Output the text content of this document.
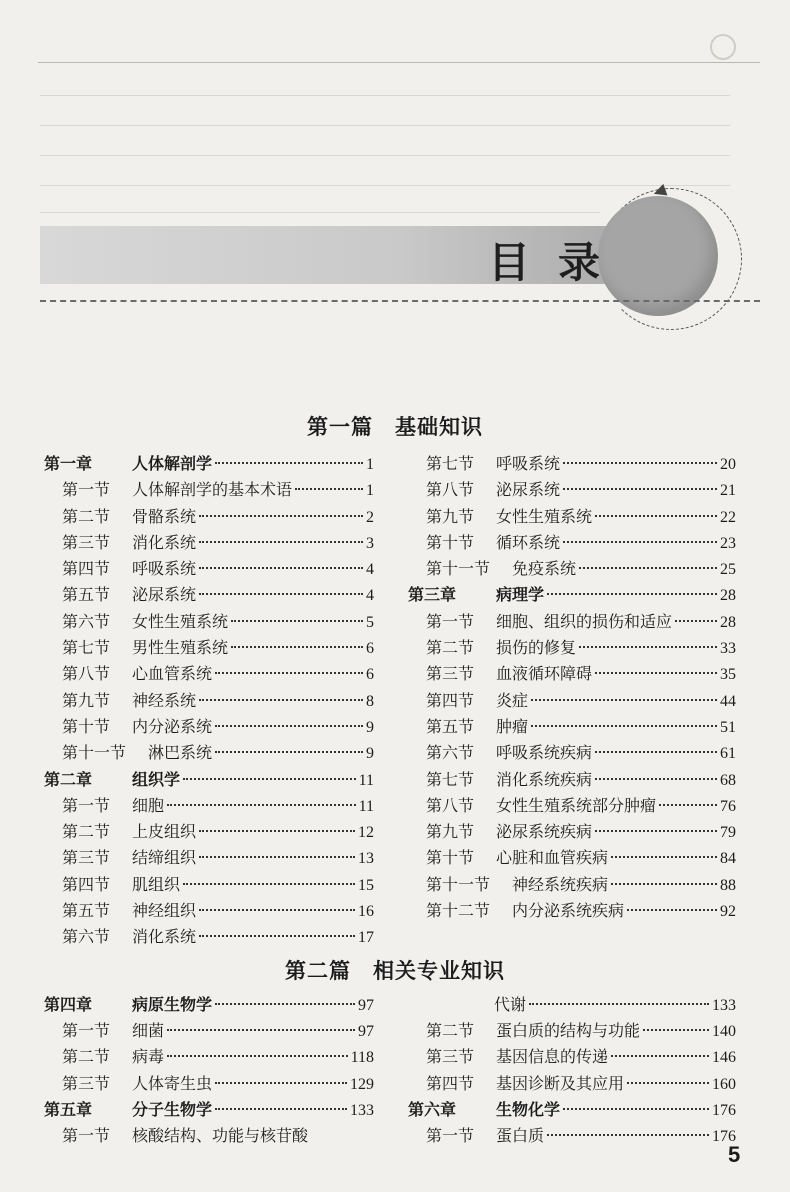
◀
目录
第一篇　基础知识
第一章	人体解剖学	1
第一节	人体解剖学的基本术语	1
第二节	骨骼系统	2
第三节	消化系统	3
第四节	呼吸系统	4
第五节	泌尿系统	4
第六节	女性生殖系统	5
第七节	男性生殖系统	6
第八节	心血管系统	6
第九节	神经系统	8
第十节	内分泌系统	9
第十一节	淋巴系统	9
第二章	组织学	11
第一节	细胞	11
第二节	上皮组织	12
第三节	结缔组织	13
第四节	肌组织	15
第五节	神经组织	16
第六节	消化系统	17
第七节	呼吸系统	20
第八节	泌尿系统	21
第九节	女性生殖系统	22
第十节	循环系统	23
第十一节	免疫系统	25
第三章	病理学	28
第一节	细胞、组织的损伤和适应	28
第二节	损伤的修复	33
第三节	血液循环障碍	35
第四节	炎症	44
第五节	肿瘤	51
第六节	呼吸系统疾病	61
第七节	消化系统疾病	68
第八节	女性生殖系统部分肿瘤	76
第九节	泌尿系统疾病	79
第十节	心脏和血管疾病	84
第十一节	神经系统疾病	88
第十二节	内分泌系统疾病	92
第二篇　相关专业知识
第四章	病原生物学	97
第一节	细菌	97
第二节	病毒	118
第三节	人体寄生虫	129
第五章	分子生物学	133
第一节	核酸结构、功能与核苷酸
代谢	133
第二节	蛋白质的结构与功能	140
第三节	基因信息的传递	146
第四节	基因诊断及其应用	160
第六章	生物化学	176
第一节	蛋白质	176
5
